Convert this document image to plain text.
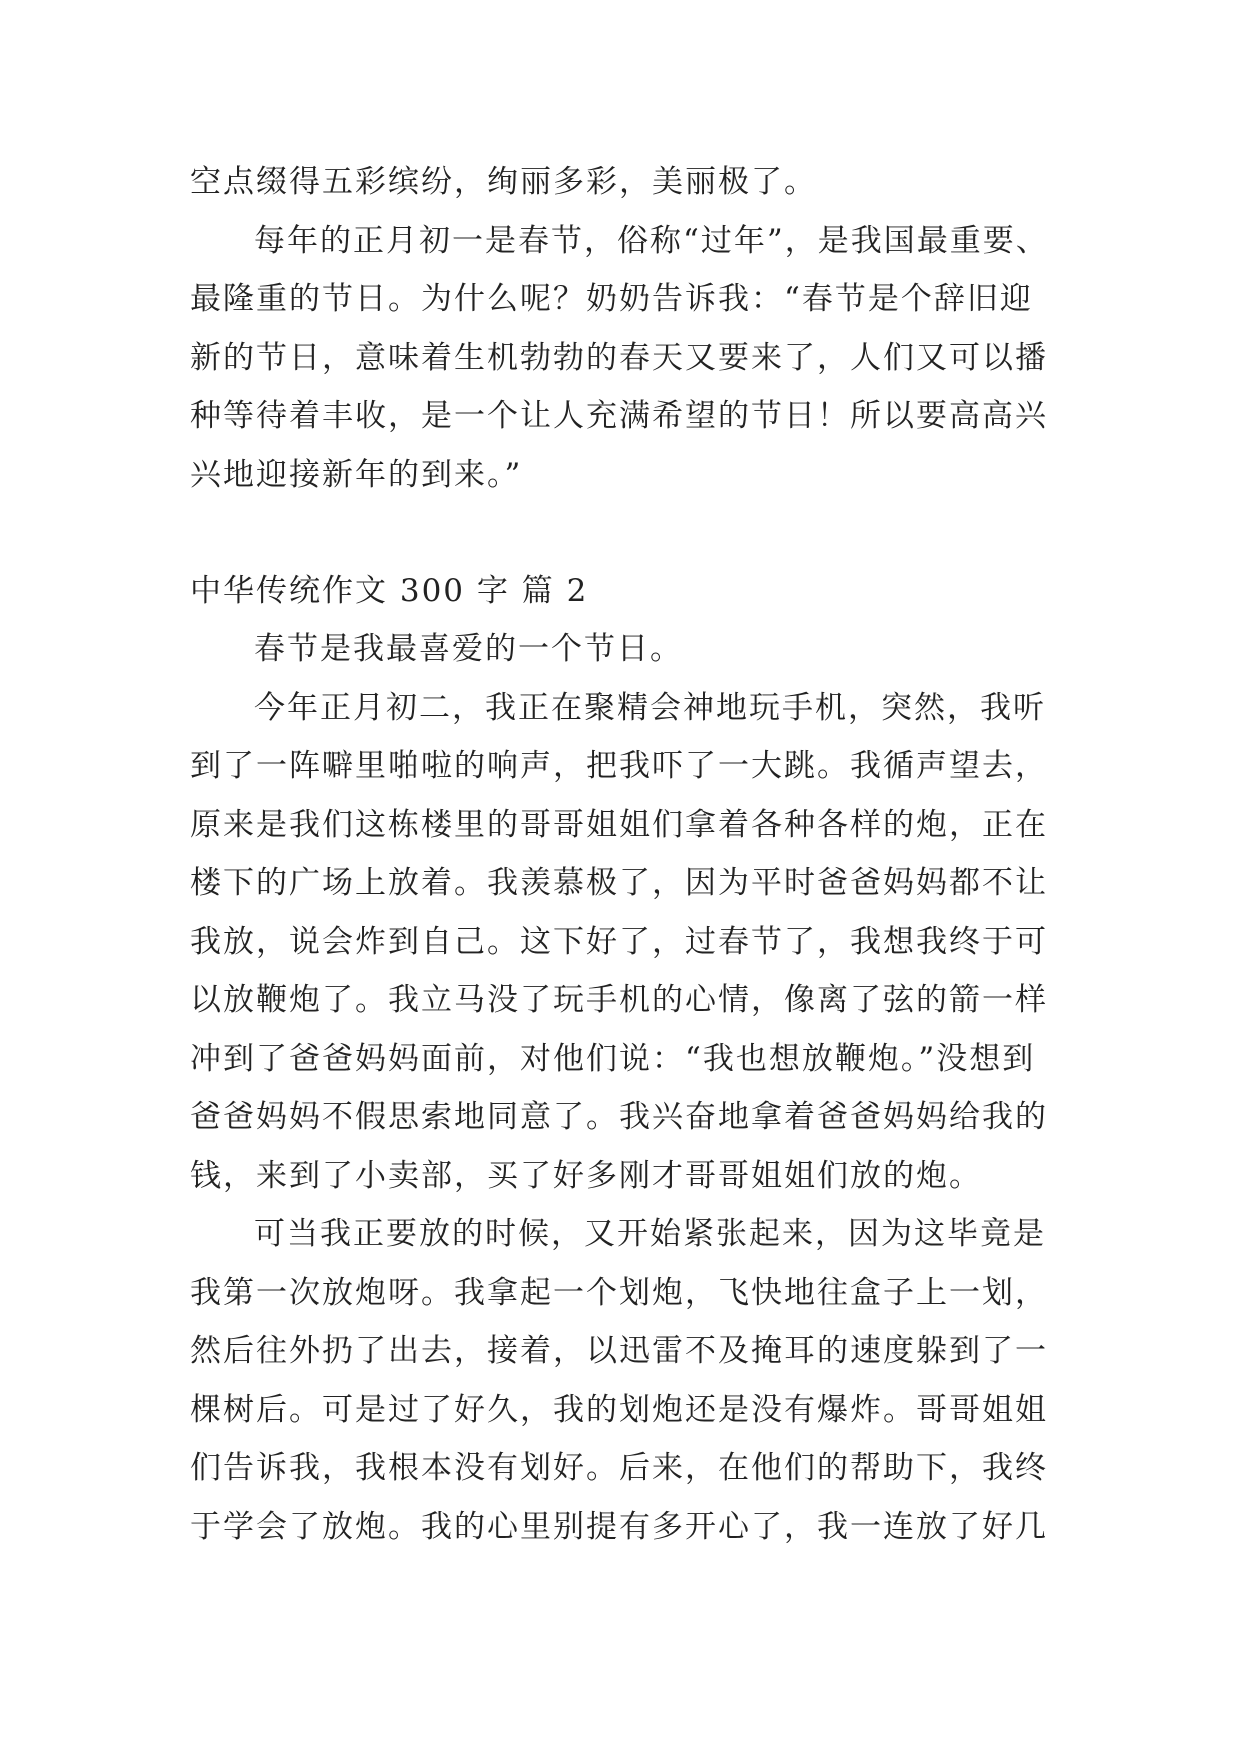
空点缀得五彩缤纷，绚丽多彩，美丽极了。
每年的正月初一是春节，俗称“过年”，是我国最重要、
最隆重的节日。为什么呢？奶奶告诉我：“春节是个辞旧迎
新的节日，意味着生机勃勃的春天又要来了，人们又可以播
种等待着丰收，是一个让人充满希望的节日！所以要高高兴
兴地迎接新年的到来。”
中华传统作文 300 字 篇 2
春节是我最喜爱的一个节日。
今年正月初二，我正在聚精会神地玩手机，突然，我听
到了一阵噼里啪啦的响声，把我吓了一大跳。我循声望去，
原来是我们这栋楼里的哥哥姐姐们拿着各种各样的炮，正在
楼下的广场上放着。我羡慕极了，因为平时爸爸妈妈都不让
我放，说会炸到自己。这下好了，过春节了，我想我终于可
以放鞭炮了。我立马没了玩手机的心情，像离了弦的箭一样
冲到了爸爸妈妈面前，对他们说：“我也想放鞭炮。”没想到
爸爸妈妈不假思索地同意了。我兴奋地拿着爸爸妈妈给我的
钱，来到了小卖部，买了好多刚才哥哥姐姐们放的炮。
可当我正要放的时候，又开始紧张起来，因为这毕竟是
我第一次放炮呀。我拿起一个划炮，飞快地往盒子上一划，
然后往外扔了出去，接着，以迅雷不及掩耳的速度躲到了一
棵树后。可是过了好久，我的划炮还是没有爆炸。哥哥姐姐
们告诉我，我根本没有划好。后来，在他们的帮助下，我终
于学会了放炮。我的心里别提有多开心了，我一连放了好几
